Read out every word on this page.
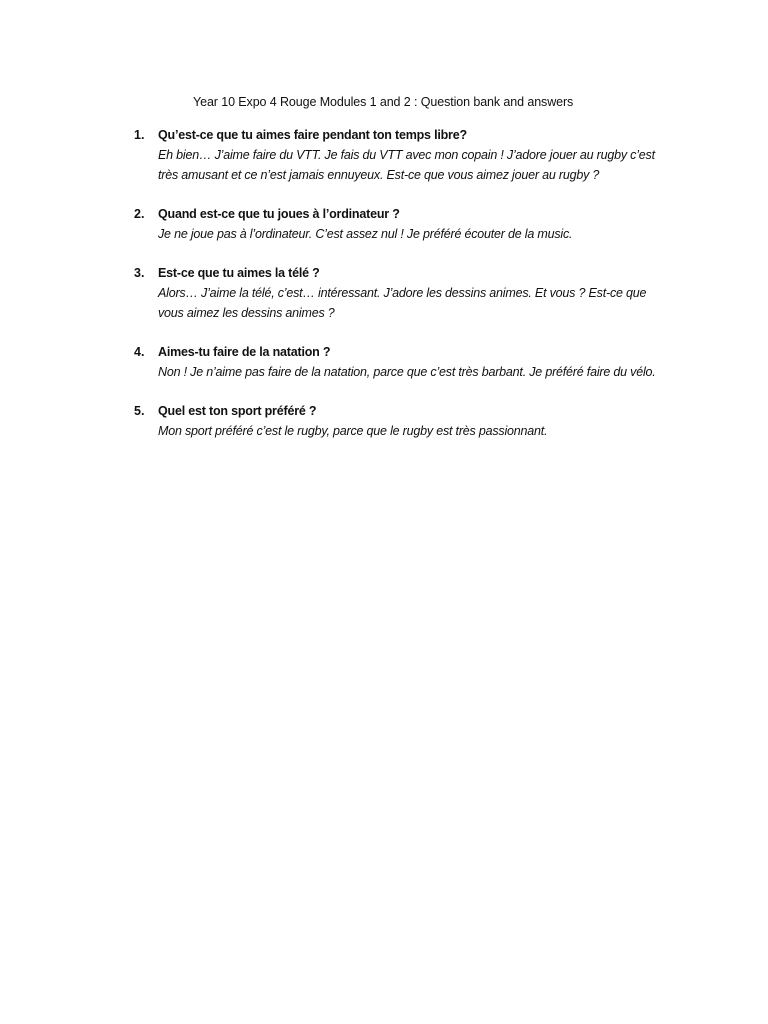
Year 10 Expo 4 Rouge Modules 1 and 2 : Question bank and answers
1. Qu’est-ce que tu aimes faire pendant ton temps libre?
Eh bien… J’aime faire du VTT. Je fais du VTT avec mon copain ! J’adore jouer au rugby c’est très amusant et ce n’est jamais ennuyeux. Est-ce que vous aimez jouer au rugby ?
2. Quand est-ce que tu joues à l’ordinateur ?
Je ne joue pas à l’ordinateur. C’est assez nul ! Je préféré écouter de la music.
3. Est-ce que tu aimes la télé ?
Alors… J’aime la télé, c’est… intéressant. J’adore les dessins animes. Et vous ? Est-ce que vous aimez les dessins animes ?
4. Aimes-tu faire de la natation ?
Non ! Je n’aime pas faire de la natation, parce que c’est très barbant. Je préféré faire du vélo.
5. Quel est ton sport préféré ?
Mon sport préféré c’est le rugby, parce que le rugby est très passionnant.
